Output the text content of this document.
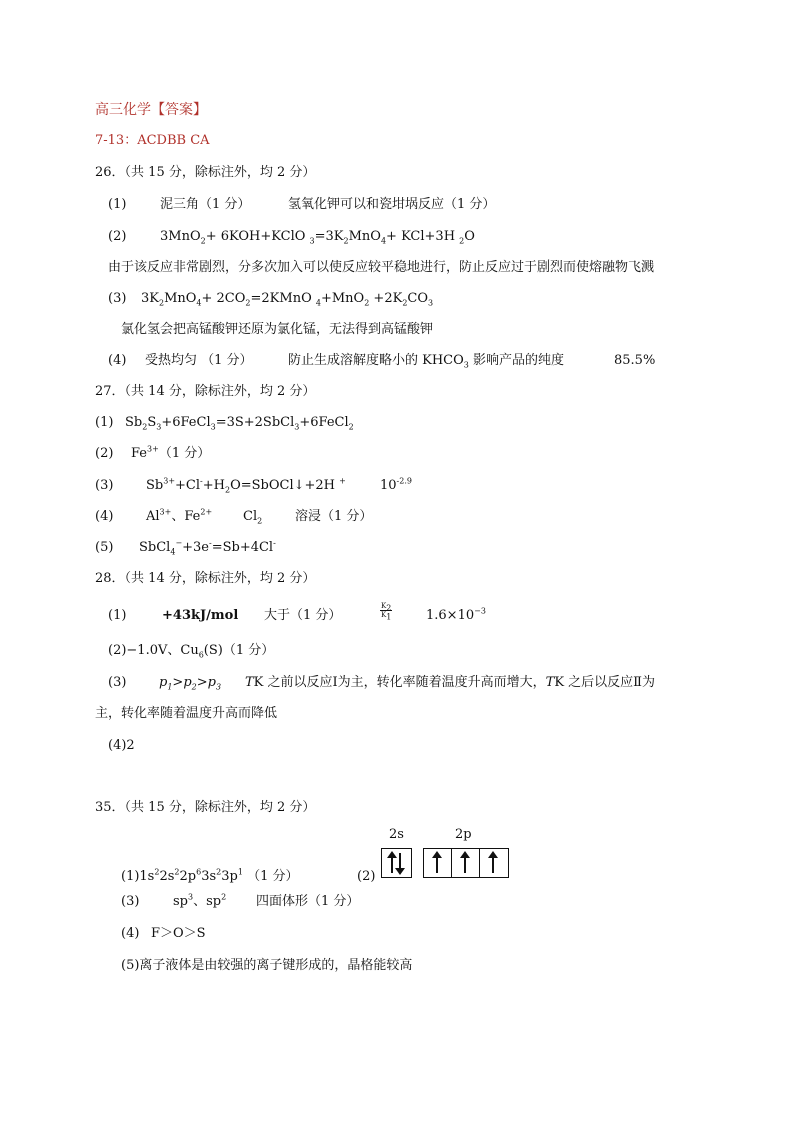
高三化学【答案】
7-13：ACDBB CA
26．（共 15 分，除标注外，均 2 分）
(1)	泥三角（1 分）	氢氧化钾可以和瓷坩埚反应（1 分）
(2)	3MnO$_2$+ 6KOH+KClO $_3=3K_2MnO_4+ KCl+3H$ $_2$O
由于该反应非常剧烈，分多次加入可以使反应较平稳地进行，防止反应过于剧烈而使熔融物飞溅
(3) $3K_2MnO_4+$ $2CO_2=2KMnO$ $_4+MnO_2 +2K_2CO_3$
氯化氢会把高锰酸钾还原为氯化锰，无法得到高锰酸钾
(4) 受热均匀 （1 分）	防止生成溶解度略小的 $KHCO_3$ 影响产品的纯度	85.5%
27．（共 14 分，除标注外，均 2 分）
(1) $Sb_2S_3+6FeCl_3=3S+2SbCl_3+6FeCl_2$
(2) $Fe^{3+}(1$ 分）
(3)	$Sb^{3+}+Cl^-+H_2O=SbOCl↓+2H$ +	$10^{-2.9}$
(4)	$Al^{3+}$、$Fe^{2+}$ $Cl_2$	溶浸（1 分）
(5) SbCl$_4$−+3e-=Sb+4Cl-
28．（共 14 分，除标注外，均 2 分）
(1)	+43kJ/mol 大于（1 分）	$\frac{K_2}{K_1}$	$1.6\times 10^{-3}$
(2)−1.0V、$Cu_6(S)(1$ 分）
(3)	$p_1>p_2>p_3$ TK 之前以反应Ⅰ为主，转化率随着温度升高而增大，TK 之后以反应Ⅱ为
主，转化率随着温度升高而降低
(4)2
35．（共 15 分，除标注外，均 2 分）
2s	2p
$(1)1s^22s^22p^63s^23p^1$ （1 分）	(2)
(3)	$sp^3$、$sp^2$ 四面体形（1 分）
(4) F＞O＞S
(5)离子液体是由较强的离子键形成的，晶格能较高
